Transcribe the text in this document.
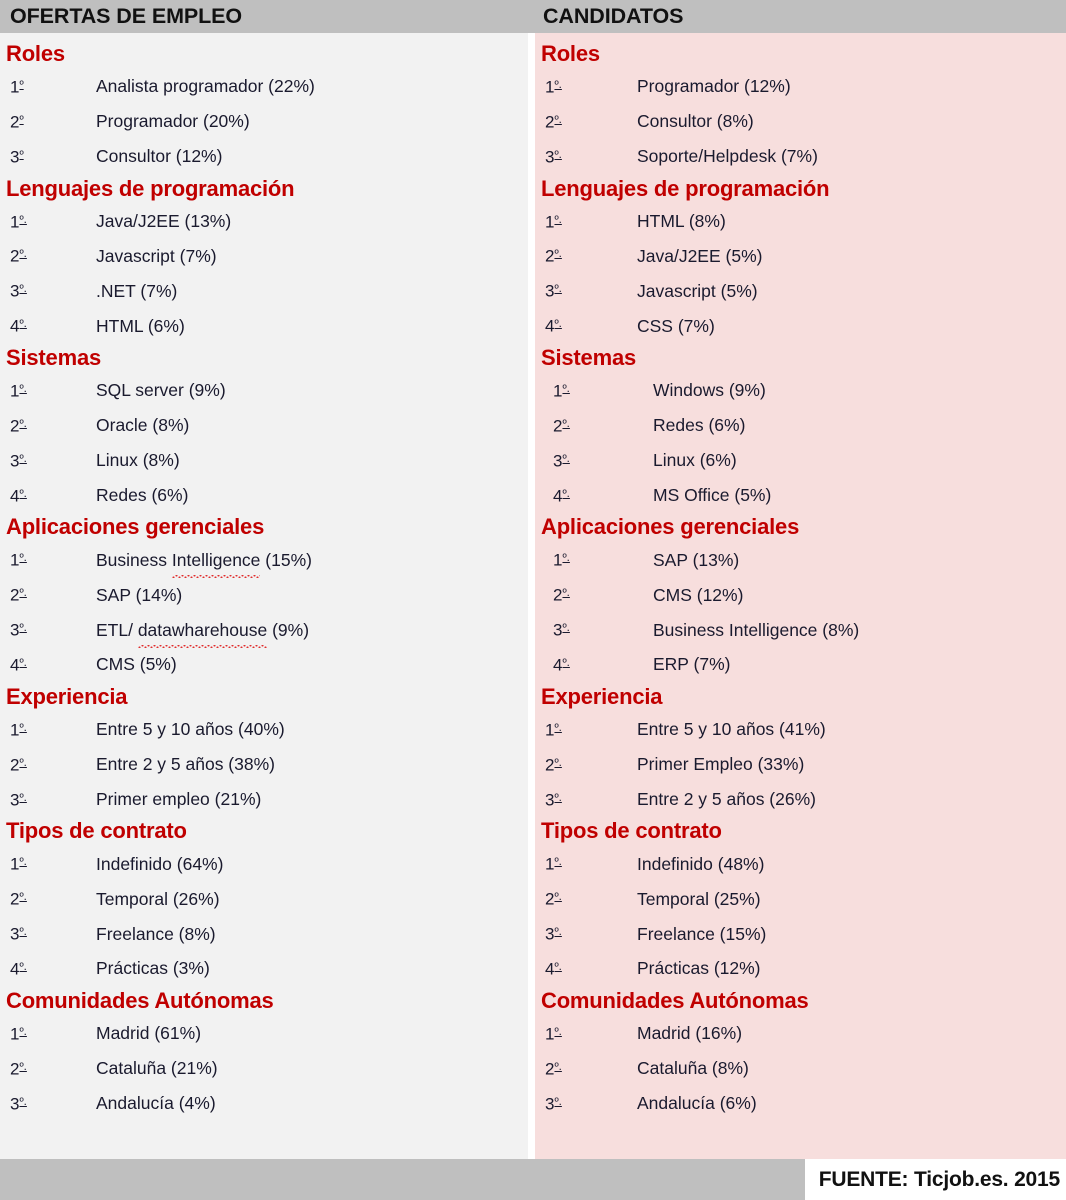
OFERTAS DE EMPLEO	CANDIDATOS
Roles
$1^º$	Analista programador (22%)
$2^º$	Programador (20%)
$3^º$	Consultor (12%)
Lenguajes de programación
$1^{º.}$	Java/J2EE (13%)
$2^{º.}$	Javascript (7%)
$3^{º.}$	.NET (7%)
$4^{º.}$	HTML (6%)
Sistemas
$1^{º.}$	SQL server (9%)
$2^{º.}$	Oracle (8%)
$3^{º.}$	Linux (8%)
$4^{º.}$	Redes (6%)
Aplicaciones gerenciales
$1^{º.}$	Business Intelligence (15%)
$2^{º.}$	SAP (14%)
$3^{º.}$	ETL/ datawharehouse (9%)
$4^{º.}$	CMS (5%)
Experiencia
$1^{º.}$	Entre 5 y 10 años (40%)
$2^{º.}$	Entre 2 y 5 años (38%)
$3^{º.}$	Primer empleo (21%)
Tipos de contrato
$1^{º.}$	Indefinido (64%)
$2^{º.}$	Temporal (26%)
$3^{º.}$	Freelance (8%)
$4^{º.}$	Prácticas (3%)
Comunidades Autónomas
$1^{º.}$	Madrid (61%)
$2^{º.}$	Cataluña (21%)
$3^{º.}$	Andalucía (4%)
Roles
$1^{º.}$	Programador (12%)
$2^{º.}$	Consultor (8%)
$3^{º.}$	Soporte/Helpdesk (7%)
Lenguajes de programación
$1^{º.}$	HTML (8%)
$2^{º.}$	Java/J2EE (5%)
$3^{º.}$	Javascript (5%)
$4^{º.}$	CSS (7%)
Sistemas
$1^{º.}$	Windows (9%)
$2^{º.}$	Redes (6%)
$3^{º.}$	Linux (6%)
$4^{º.}$	MS Office (5%)
Aplicaciones gerenciales
$1^{º.}$	SAP (13%)
$2^{º.}$	CMS (12%)
$3^{º.}$	Business Intelligence (8%)
$4^{º.}$	ERP (7%)
Experiencia
$1^{º.}$	Entre 5 y 10 años (41%)
$2^{º.}$	Primer Empleo (33%)
$3^{º.}$	Entre 2 y 5 años (26%)
Tipos de contrato
$1^{º.}$	Indefinido (48%)
$2^{º.}$	Temporal (25%)
$3^{º.}$	Freelance (15%)
$4^{º.}$	Prácticas (12%)
Comunidades Autónomas
$1^{º.}$	Madrid (16%)
$2^{º.}$	Cataluña (8%)
$3^{º.}$	Andalucía (6%)
FUENTE: Ticjob.es. 2015
